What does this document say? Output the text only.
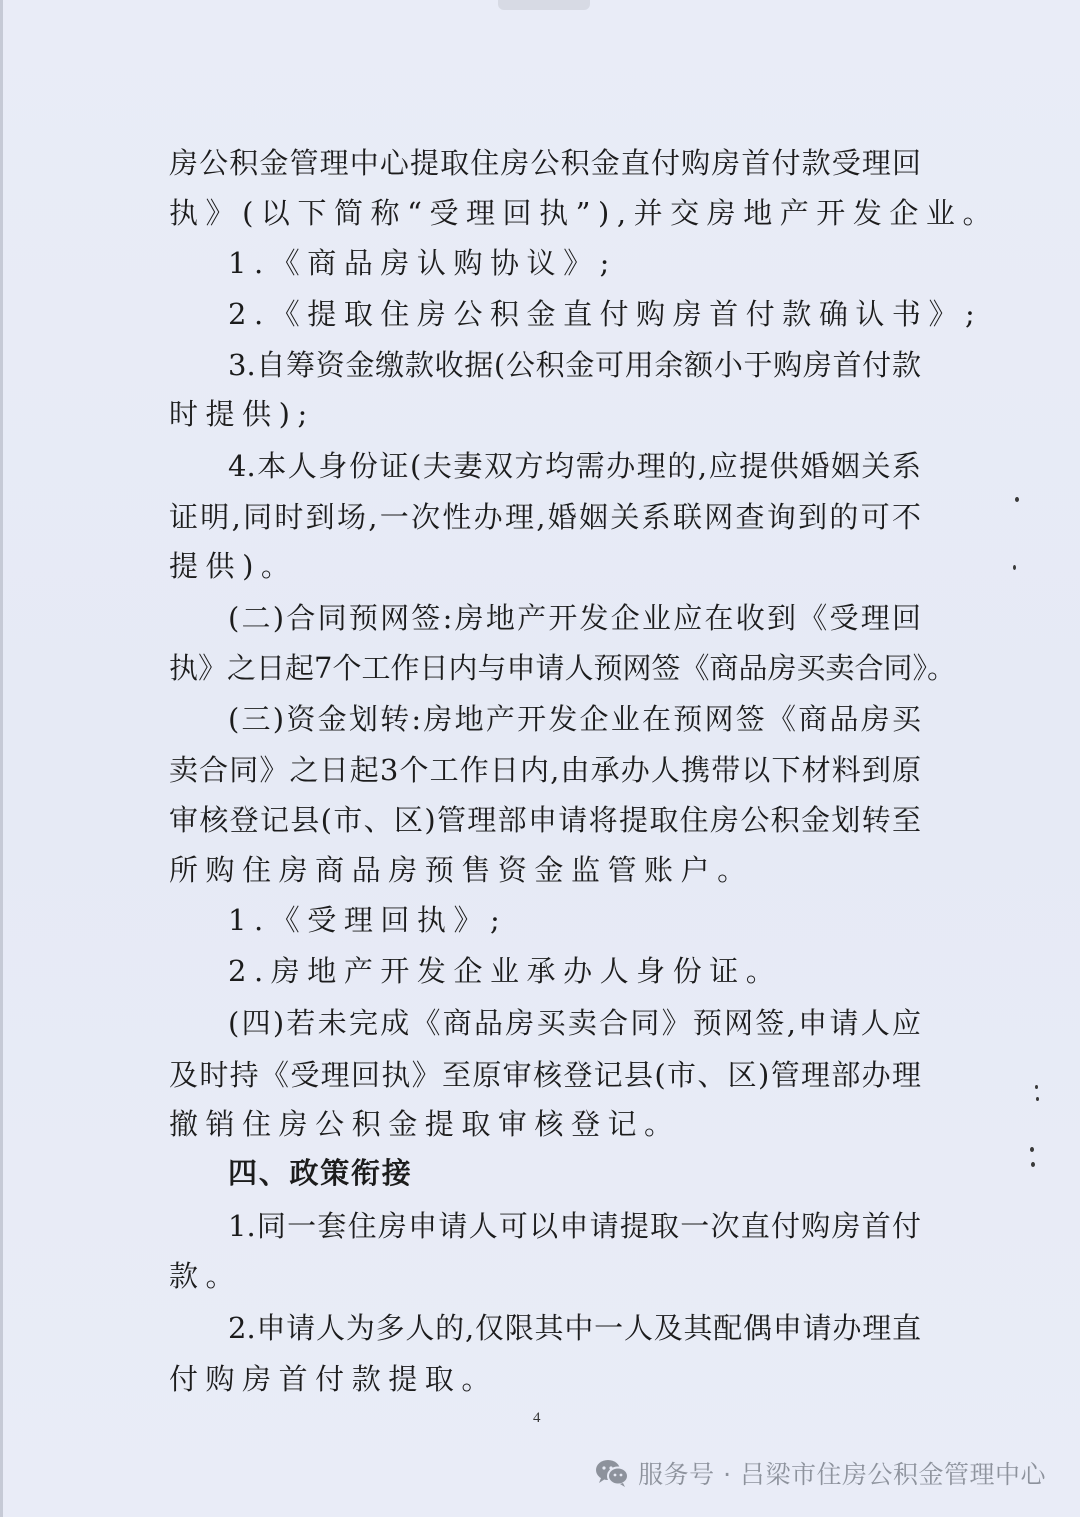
房公积金管理中心提取住房公积金直付购房首付款受理回
执》(以下简称“受理回执”),并交房地产开发企业。
1.《商品房认购协议》;
2.《提取住房公积金直付购房首付款确认书》;
3.自筹资金缴款收据(公积金可用余额小于购房首付款
时提供);
4.本人身份证(夫妻双方均需办理的,应提供婚姻关系
证明,同时到场,一次性办理,婚姻关系联网查询到的可不
提供)。
(二)合同预网签:房地产开发企业应在收到《受理回
执》之日起7个工作日内与申请人预网签《商品房买卖合同》。
(三)资金划转:房地产开发企业在预网签《商品房买
卖合同》之日起3个工作日内,由承办人携带以下材料到原
审核登记县(市、区)管理部申请将提取住房公积金划转至
所购住房商品房预售资金监管账户。
1.《受理回执》;
2.房地产开发企业承办人身份证。
(四)若未完成《商品房买卖合同》预网签,申请人应
及时持《受理回执》至原审核登记县(市、区)管理部办理
撤销住房公积金提取审核登记。
四、政策衔接
1.同一套住房申请人可以申请提取一次直付购房首付
款。
2.申请人为多人的,仅限其中一人及其配偶申请办理直
付购房首付款提取。
4
服务号 · 吕梁市住房公积金管理中心
